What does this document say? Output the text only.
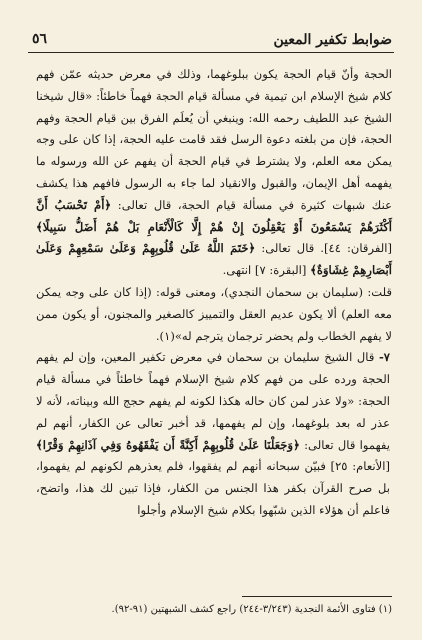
ضوابط تكفير المعين
٥٦

الحجة وأنّ قيام الحجة يكون ببلوغهما، وذلك في معرض حديثه عمّن فهم كلام شيخ الإسلام ابن تيمية في مسألة قيام الحجة فهماً خاطئاً: «قال شيخنا الشيخ عبد اللطيف رحمه الله: وينبغي أن يُعلَم الفرق بين قيام الحجة وفهم الحجة، فإن من بلغته دعوة الرسل فقد قامت عليه الحجة، إذا كان على وجه يمكن معه العلم، ولا يشترط في قيام الحجة أن يفهم عن الله ورسوله ما يفهمه أهل الإيمان، والقبول والانقياد لما جاء به الرسول فافهم هذا يكشف عنك شبهات كثيرة في مسألة قيام الحجة، قال تعالى: ﴿أَمْ تَحْسَبُ أَنَّ أَكْثَرَهُمْ يَسْمَعُونَ أَوْ يَعْقِلُونَ إِنْ هُمْ إِلَّا كَالْأَنْعَامِ بَلْ هُمْ أَضَلُّ سَبِيلًا﴾ [الفرقان: ٤٤]. قال تعالى: ﴿خَتَمَ اللَّهُ عَلَىٰ قُلُوبِهِمْ وَعَلَىٰ سَمْعِهِمْ وَعَلَىٰ أَبْصَارِهِمْ غِشَاوَةٌ﴾ [البقرة: ٧] انتهى.

قلت: (سليمان بن سحمان النجدي)، ومعنى قوله: (إذا كان على وجه يمكن معه العلم) ألا يكون عديم العقل والتمييز كالصغير والمجنون، أو يكون ممن لا يفهم الخطاب ولم يحضر ترجمان يترجم له»(١).

٧- قال الشيخ سليمان بن سحمان في معرض تكفير المعين، وإن لم يفهم الحجة ورده على من فهم كلام شيخ الإسلام فهماً خاطئاً في مسألة قيام الحجة: «ولا عذر لمن كان حاله هكذا لكونه لم يفهم حجج الله وبيناته، لأنه لا عذر له بعد بلوغهما، وإن لم يفهمها، قد أخبر تعالى عن الكفار، أنهم لم يفهموا قال تعالى: ﴿وَجَعَلْنَا عَلَىٰ قُلُوبِهِمْ أَكِنَّةً أَن يَفْقَهُوهُ وَفِي آذَانِهِمْ وَقْرًا﴾ [الأنعام: ٢٥] فبيّن سبحانه أنهم لم يفقهوا، فلم يعذرهم لكونهم لم يفهموا، بل صرح القرآن بكفر هذا الجنس من الكفار، فإذا تبين لك هذا، واتضح، فاعلم أن هؤلاء الذين شبّهوا بكلام شيخ الإسلام وأجلوا

(١) فتاوى الأئمة النجدية (٣/٢٤٣-٢٤٤) راجع كشف الشبهتين (٩١-٩٢).
